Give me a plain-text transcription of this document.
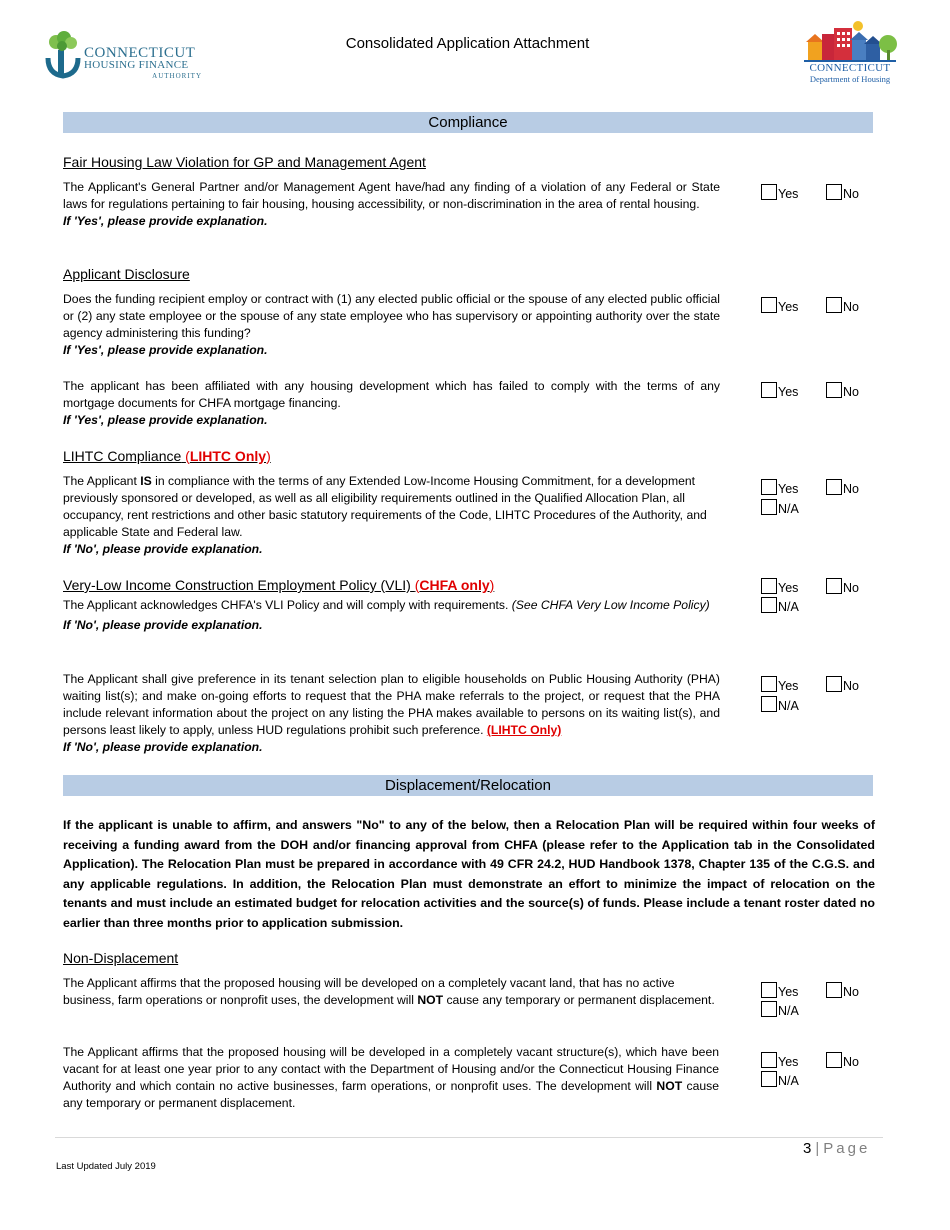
CONNECTICUT
HOUSING FINANCE
AUTHORITY
Consolidated Application Attachment
CONNECTICUT
Department of Housing
Compliance
Fair Housing Law Violation for GP and Management Agent
The Applicant's General Partner and/or Management Agent have/had any finding of a violation of any Federal or State laws for regulations pertaining to fair housing, housing accessibility, or non-discrimination in the area of rental housing.
If 'Yes', please provide explanation.
Yes	No
Applicant Disclosure
Does the funding recipient employ or contract with (1) any elected public official or the spouse of any elected public official or (2) any state employee or the spouse of any state employee who has supervisory or appointing authority over the state agency administering this funding?
If 'Yes', please provide explanation.
Yes	No
The applicant has been affiliated with any housing development which has failed to comply with the terms of any mortgage documents for CHFA mortgage financing.
If 'Yes', please provide explanation.
Yes	No
LIHTC Compliance (LIHTC Only)
The Applicant IS in compliance with the terms of any Extended Low-Income Housing Commitment, for a development previously sponsored or developed, as well as all eligibility requirements outlined in the Qualified Allocation Plan, all occupancy, rent restrictions and other basic statutory requirements of the Code, LIHTC Procedures of the Authority, and applicable State and Federal law.
If 'No', please provide explanation.
Yes	No
N/A
Very-Low Income Construction Employment Policy (VLI) (CHFA only)
The Applicant acknowledges CHFA's VLI Policy and will comply with requirements. (See CHFA Very Low Income Policy)
If 'No', please provide explanation.
Yes	No
N/A
The Applicant shall give preference in its tenant selection plan to eligible households on Public Housing Authority (PHA) waiting list(s); and make on-going efforts to request that the PHA make referrals to the project, or request that the PHA include relevant information about the project on any listing the PHA makes available to persons on its waiting list(s), and persons least likely to apply, unless HUD regulations prohibit such preference. (LIHTC Only)
If 'No', please provide explanation.
Yes	No
N/A
Displacement/Relocation
If the applicant is unable to affirm, and answers "No" to any of the below, then a Relocation Plan will be required within four weeks of receiving a funding award from the DOH and/or financing approval from CHFA (please refer to the Application tab in the Consolidated Application). The Relocation Plan must be prepared in accordance with 49 CFR 24.2, HUD Handbook 1378, Chapter 135 of the C.G.S. and any applicable regulations. In addition, the Relocation Plan must demonstrate an effort to minimize the impact of relocation on the tenants and must include an estimated budget for relocation activities and the source(s) of funds. Please include a tenant roster dated no earlier than three months prior to application submission.
Non-Displacement
The Applicant affirms that the proposed housing will be developed on a completely vacant land, that has no active business, farm operations or nonprofit uses, the development will NOT cause any temporary or permanent displacement.
Yes	No
N/A
The Applicant affirms that the proposed housing will be developed in a completely vacant structure(s), which have been vacant for at least one year prior to any contact with the Department of Housing and/or the Connecticut Housing Finance Authority and which contain no active businesses, farm operations, or nonprofit uses. The development will NOT cause any temporary or permanent displacement.
Yes	No
N/A
3 | Page
Last Updated July 2019
